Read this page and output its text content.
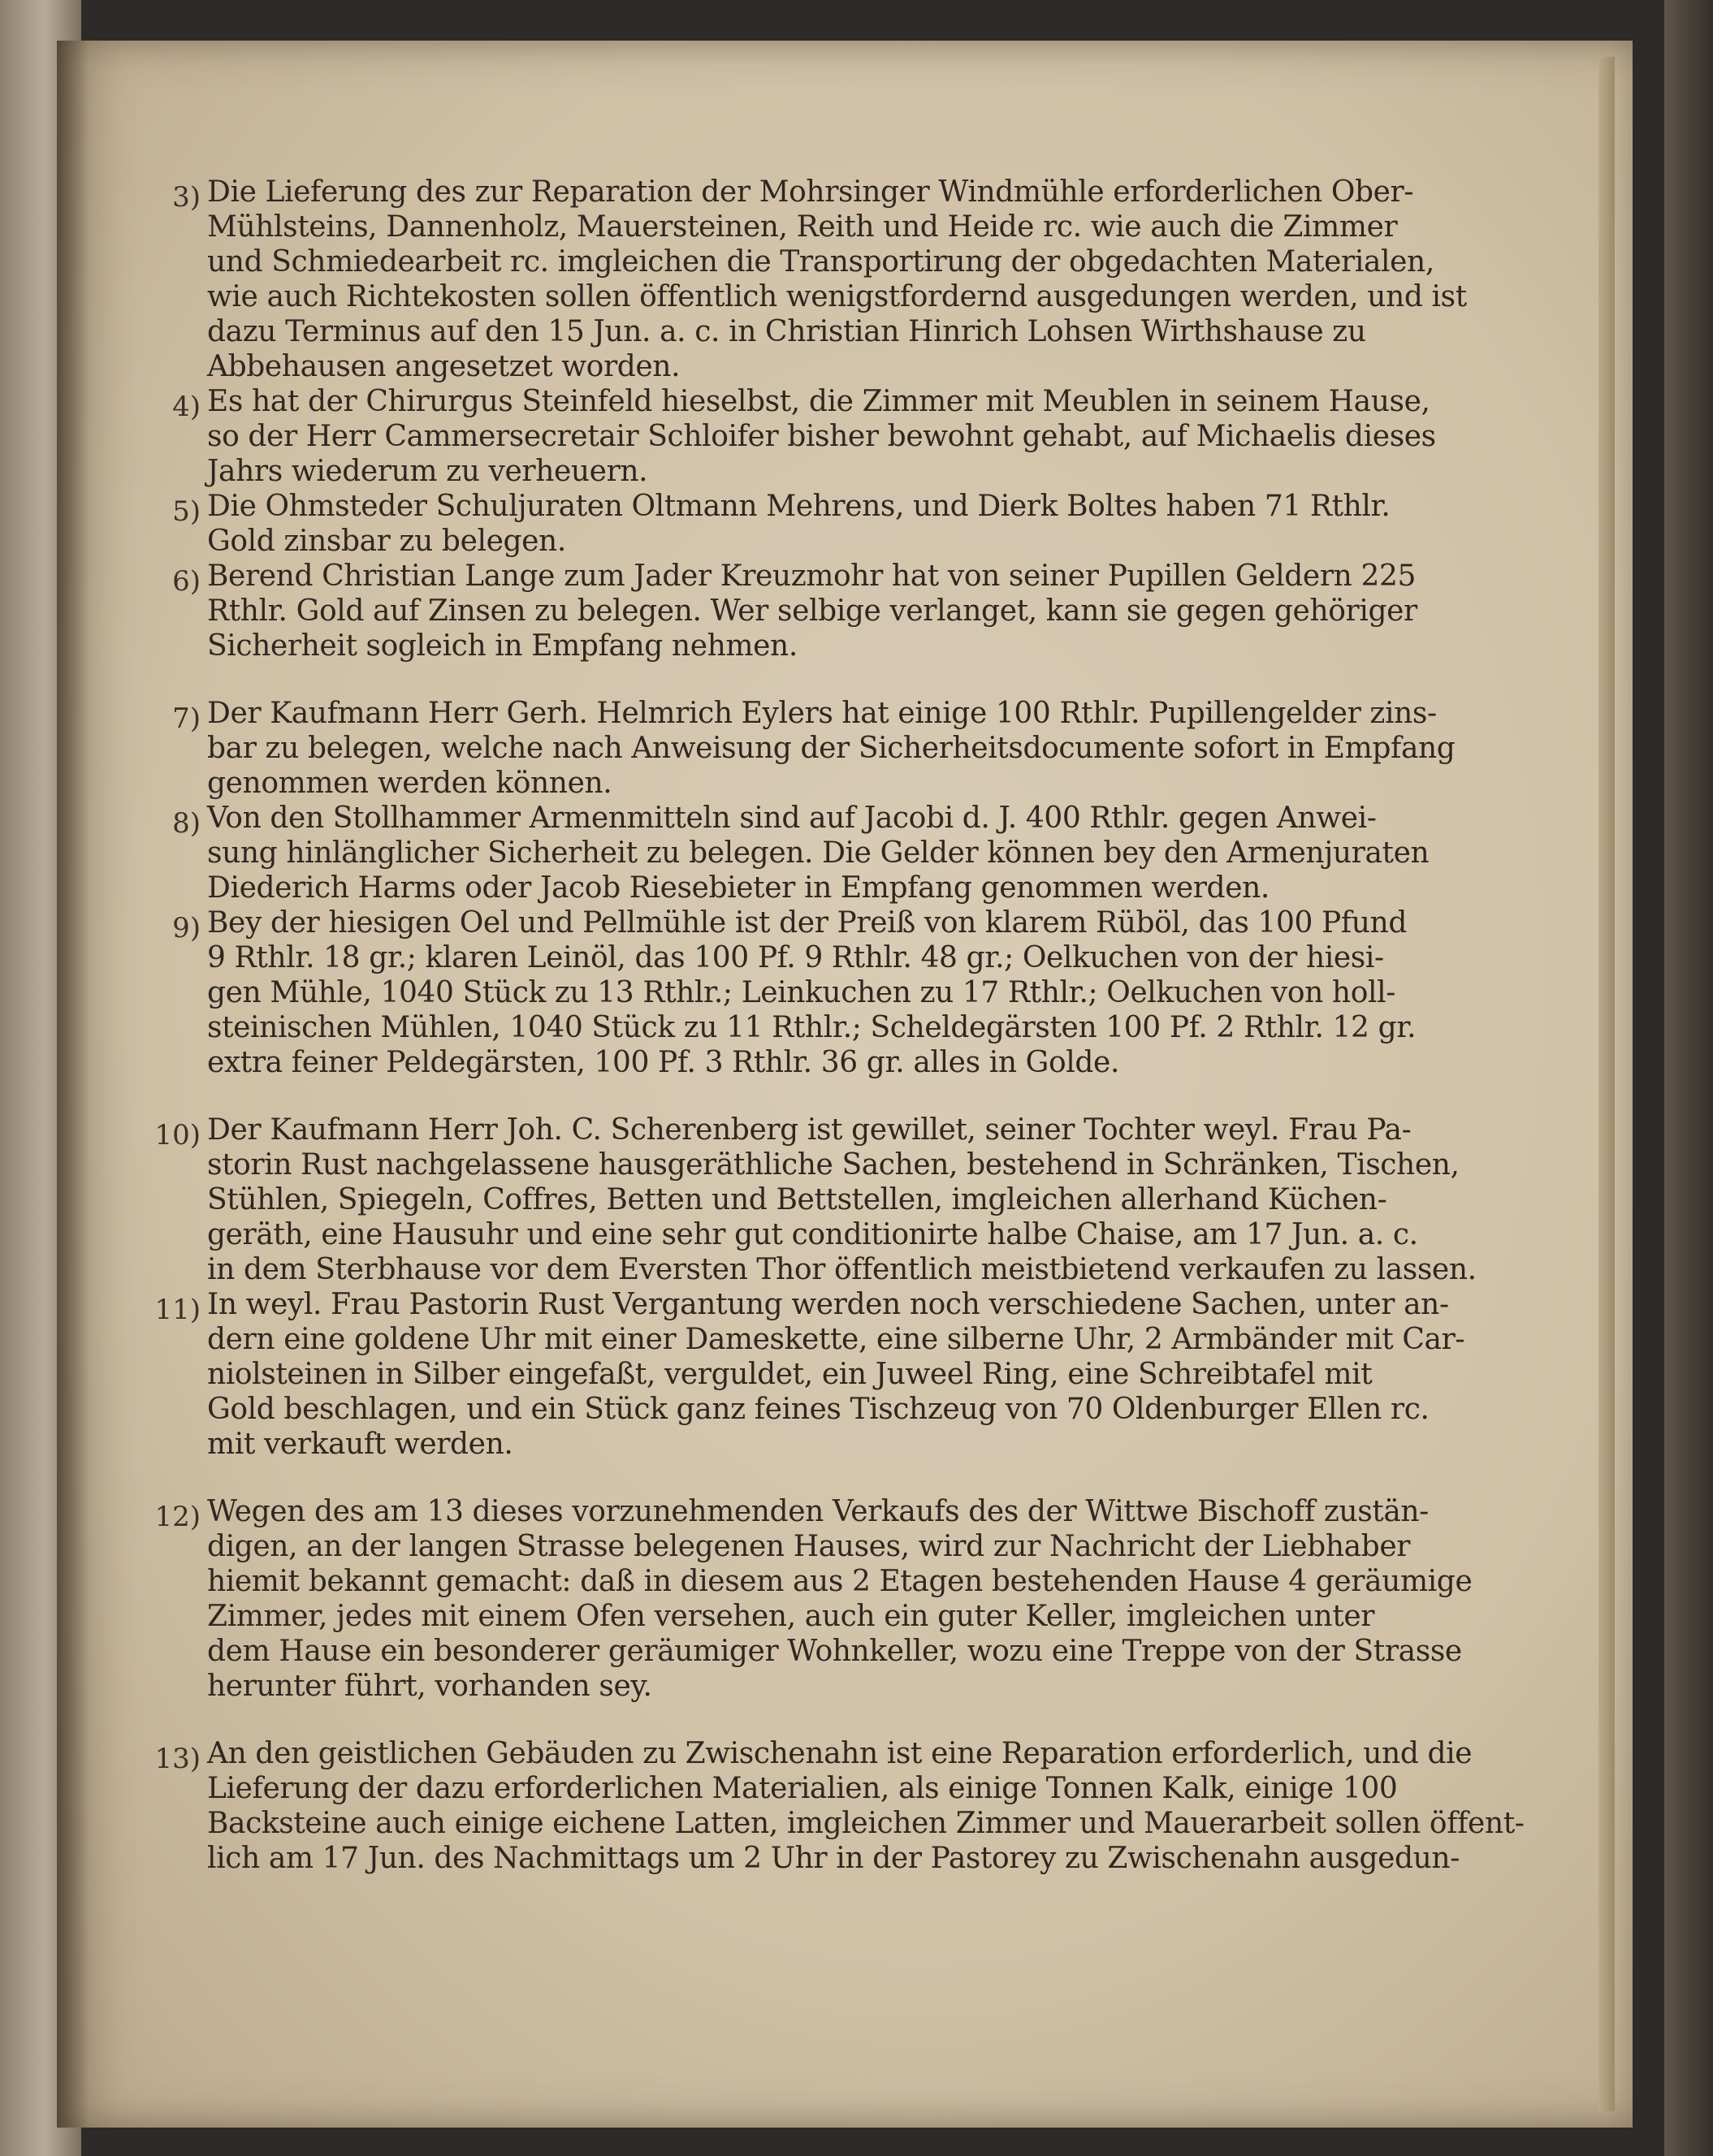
3) Die Lieferung des zur Reparation der Mohrsinger Windmühle erforderlichen Ober-
Mühlsteins, Dannenholz, Mauersteinen, Reith und Heide rc. wie auch die Zimmer
und Schmiedearbeit rc. imgleichen die Transportirung der obgedachten Materialen,
wie auch Richtekosten sollen öffentlich wenigstfordernd ausgedungen werden, und ist
dazu Terminus auf den 15 Jun. a. c. in Christian Hinrich Lohsen Wirthshause zu
Abbehausen angesetzet worden.
4) Es hat der Chirurgus Steinfeld hieselbst, die Zimmer mit Meublen in seinem Hause,
so der Herr Cammersecretair Schloifer bisher bewohnt gehabt, auf Michaelis dieses
Jahrs wiederum zu verheuern.
5) Die Ohmsteder Schuljuraten Oltmann Mehrens, und Dierk Boltes haben 71 Rthlr.
Gold zinsbar zu belegen.
6) Berend Christian Lange zum Jader Kreuzmohr hat von seiner Pupillen Geldern 225
Rthlr. Gold auf Zinsen zu belegen. Wer selbige verlanget, kann sie gegen gehöriger
Sicherheit sogleich in Empfang nehmen.
7) Der Kaufmann Herr Gerh. Helmrich Eylers hat einige 100 Rthlr. Pupillengelder zins-
bar zu belegen, welche nach Anweisung der Sicherheitsdocumente sofort in Empfang
genommen werden können.
8) Von den Stollhammer Armenmitteln sind auf Jacobi d. J. 400 Rthlr. gegen Anwei-
sung hinlänglicher Sicherheit zu belegen. Die Gelder können bey den Armenjuraten
Diederich Harms oder Jacob Riesebieter in Empfang genommen werden.
9) Bey der hiesigen Oel und Pellmühle ist der Preiß von klarem Rüböl, das 100 Pfund
9 Rthlr. 18 gr.; klaren Leinöl, das 100 Pf. 9 Rthlr. 48 gr.; Oelkuchen von der hiesi-
gen Mühle, 1040 Stück zu 13 Rthlr.; Leinkuchen zu 17 Rthlr.; Oelkuchen von holl-
steinischen Mühlen, 1040 Stück zu 11 Rthlr.; Scheldegärsten 100 Pf. 2 Rthlr. 12 gr.
extra feiner Peldegärsten, 100 Pf. 3 Rthlr. 36 gr. alles in Golde.
10) Der Kaufmann Herr Joh. C. Scherenberg ist gewillet, seiner Tochter weyl. Frau Pa-
storin Rust nachgelassene hausgeräthliche Sachen, bestehend in Schränken, Tischen,
Stühlen, Spiegeln, Coffres, Betten und Bettstellen, imgleichen allerhand Küchen-
geräth, eine Hausuhr und eine sehr gut conditionirte halbe Chaise, am 17 Jun. a. c.
in dem Sterbhause vor dem Eversten Thor öffentlich meistbietend verkaufen zu lassen.
11) In weyl. Frau Pastorin Rust Vergantung werden noch verschiedene Sachen, unter an-
dern eine goldene Uhr mit einer Dameskette, eine silberne Uhr, 2 Armbänder mit Car-
niolsteinen in Silber eingefaßt, verguldet, ein Juweel Ring, eine Schreibtafel mit
Gold beschlagen, und ein Stück ganz feines Tischzeug von 70 Oldenburger Ellen rc.
mit verkauft werden.
12) Wegen des am 13 dieses vorzunehmenden Verkaufs des der Wittwe Bischoff zustän-
digen, an der langen Strasse belegenen Hauses, wird zur Nachricht der Liebhaber
hiemit bekannt gemacht: daß in diesem aus 2 Etagen bestehenden Hause 4 geräumige
Zimmer, jedes mit einem Ofen versehen, auch ein guter Keller, imgleichen unter
dem Hause ein besonderer geräumiger Wohnkeller, wozu eine Treppe von der Strasse
herunter führt, vorhanden sey.
13) An den geistlichen Gebäuden zu Zwischenahn ist eine Reparation erforderlich, und die
Lieferung der dazu erforderlichen Materialien, als einige Tonnen Kalk, einige 100
Backsteine auch einige eichene Latten, imgleichen Zimmer und Mauerarbeit sollen öffent-
lich am 17 Jun. des Nachmittags um 2 Uhr in der Pastorey zu Zwischenahn ausgedun-
